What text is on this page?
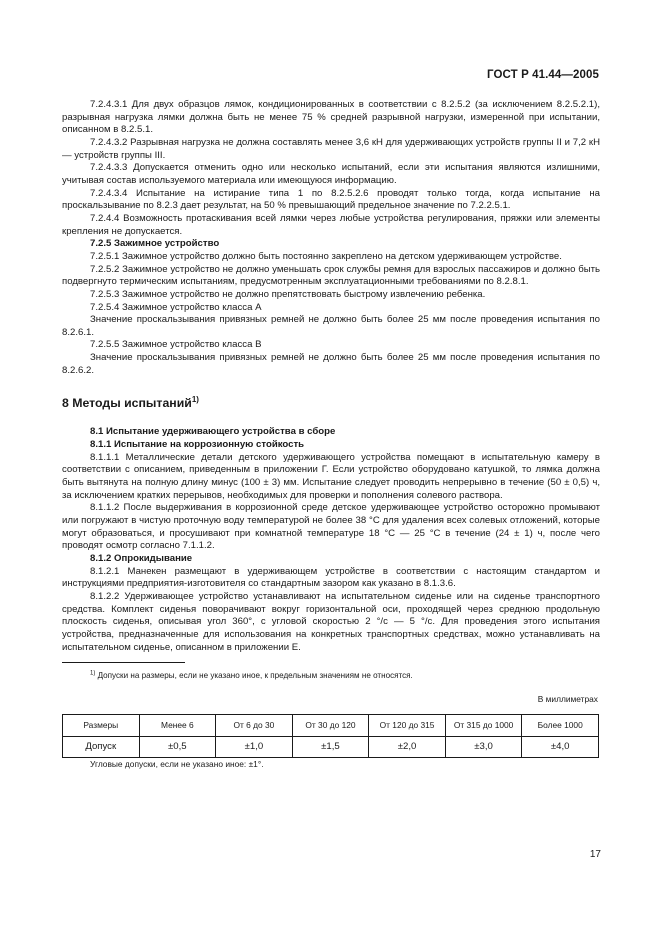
ГОСТ Р 41.44—2005

7.2.4.3.1 Для двух образцов лямок, кондиционированных в соответствии с 8.2.5.2 (за исключением 8.2.5.2.1), разрывная нагрузка лямки должна быть не менее 75 % средней разрывной нагрузки, измеренной при испытании, описанном в 8.2.5.1.

7.2.4.3.2 Разрывная нагрузка не должна составлять менее 3,6 кН для удерживающих устройств группы II и 7,2 кН — устройств группы III.

7.2.4.3.3 Допускается отменить одно или несколько испытаний, если эти испытания являются излишними, учитывая состав используемого материала или имеющуюся информацию.

7.2.4.3.4 Испытание на истирание типа 1 по 8.2.5.2.6 проводят только тогда, когда испытание на проскальзывание по 8.2.3 дает результат, на 50 % превышающий предельное значение по 7.2.2.5.1.

7.2.4.4 Возможность протаскивания всей лямки через любые устройства регулирования, пряжки или элементы крепления не допускается.

7.2.5 Зажимное устройство

7.2.5.1 Зажимное устройство должно быть постоянно закреплено на детском удерживающем устройстве.

7.2.5.2 Зажимное устройство не должно уменьшать срок службы ремня для взрослых пассажиров и должно быть подвергнуто термическим испытаниям, предусмотренным эксплуатационными требованиями по 8.2.8.1.

7.2.5.3 Зажимное устройство не должно препятствовать быстрому извлечению ребенка.

7.2.5.4 Зажимное устройство класса А

Значение проскальзывания привязных ремней не должно быть более 25 мм после проведения испытания по 8.2.6.1.

7.2.5.5 Зажимное устройство класса В

Значение проскальзывания привязных ремней не должно быть более 25 мм после проведения испытания по 8.2.6.2.

8 Методы испытаний$^{1)}$

8.1 Испытание удерживающего устройства в сборе

8.1.1 Испытание на коррозионную стойкость

8.1.1.1 Металлические детали детского удерживающего устройства помещают в испытательную камеру в соответствии с описанием, приведенным в приложении Г. Если устройство оборудовано катушкой, то лямка должна быть вытянута на полную длину минус (100 ± 3) мм. Испытание следует проводить непрерывно в течение (50 ± 0,5) ч, за исключением кратких перерывов, необходимых для проверки и пополнения солевого раствора.

8.1.1.2 После выдерживания в коррозионной среде детское удерживающее устройство осторожно промывают или погружают в чистую проточную воду температурой не более 38 °С для удаления всех солевых отложений, которые могут образоваться, и просушивают при комнатной температуре 18 °С — 25 °С в течение (24 ± 1) ч, после чего проводят осмотр согласно 7.1.1.2.

8.1.2 Опрокидывание

8.1.2.1 Манекен размещают в удерживающем устройстве в соответствии с настоящим стандартом и инструкциями предприятия-изготовителя со стандартным зазором как указано в 8.1.3.6.

8.1.2.2 Удерживающее устройство устанавливают на испытательном сиденье или на сиденье транспортного средства. Комплект сиденья поворачивают вокруг горизонтальной оси, проходящей через среднюю продольную плоскость сиденья, описывая угол 360°, с угловой скоростью 2 °/с — 5 °/с. Для проведения этого испытания устройства, предназначенные для использования на конкретных транспортных средствах, можно устанавливать на испытательном сиденье, описанном в приложении Е.

$^{1)}$ Допуски на размеры, если не указано иное, к предельным значениям не относятся.

В миллиметрах
Размеры	Менее 6	От 6 до 30	От 30 до 120	От 120 до 315	От 315 до 1000	Более 1000
Допуск	±0,5	±1,0	±1,5	±2,0	±3,0	±4,0

Угловые допуски, если не указано иное: ±1°.

17
